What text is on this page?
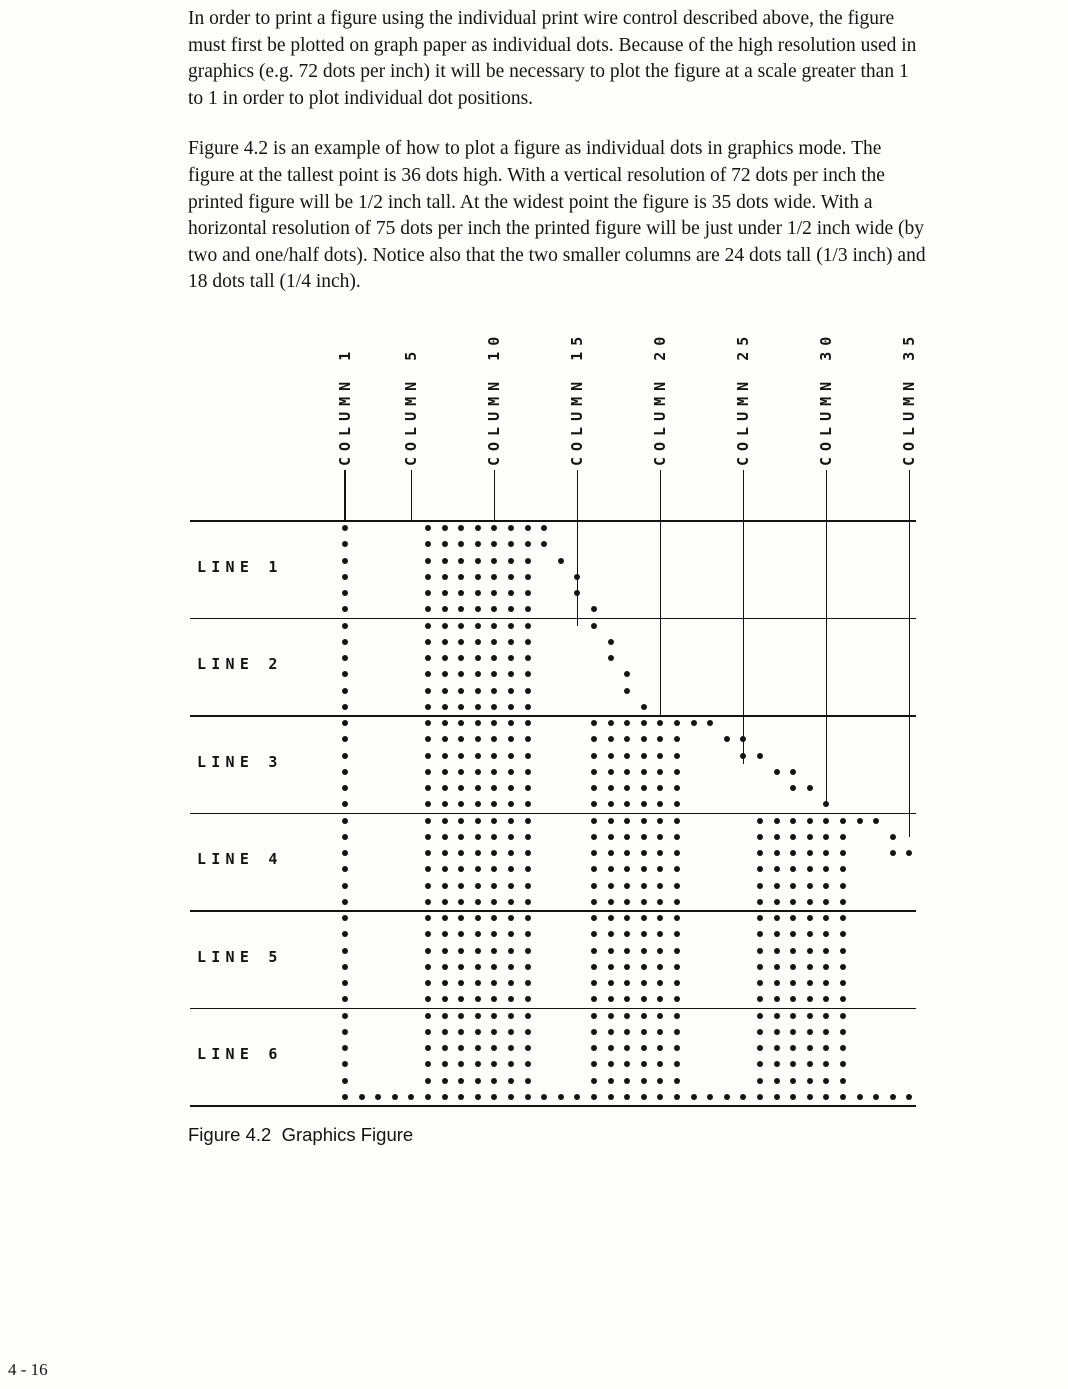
In order to print a figure using the individual print wire control described above, the figure must first be plotted on graph paper as individual dots. Because of the high resolution used in graphics (e.g. 72 dots per inch) it will be necessary to plot the figure at a scale greater than 1 to 1 in order to plot individual dot positions.

Figure 4.2 is an example of how to plot a figure as individual dots in graphics mode. The figure at the tallest point is 36 dots high. With a vertical resolution of 72 dots per inch the printed figure will be 1/2 inch tall. At the widest point the figure is 35 dots wide. With a horizontal resolution of 75 dots per inch the printed figure will be just under 1/2 inch wide (by two and one/half dots). Notice also that the two smaller columns are 24 dots tall (1/3 inch) and 18 dots tall (1/4 inch).

LINE 1
LINE 2
LINE 3
LINE 4
LINE 5
LINE 6
COLUMN 1	COLUMN 5	COLUMN 10	COLUMN 15	COLUMN 20	COLUMN 25	COLUMN 30	COLUMN 35

Figure 4.2  Graphics Figure

4 - 16
